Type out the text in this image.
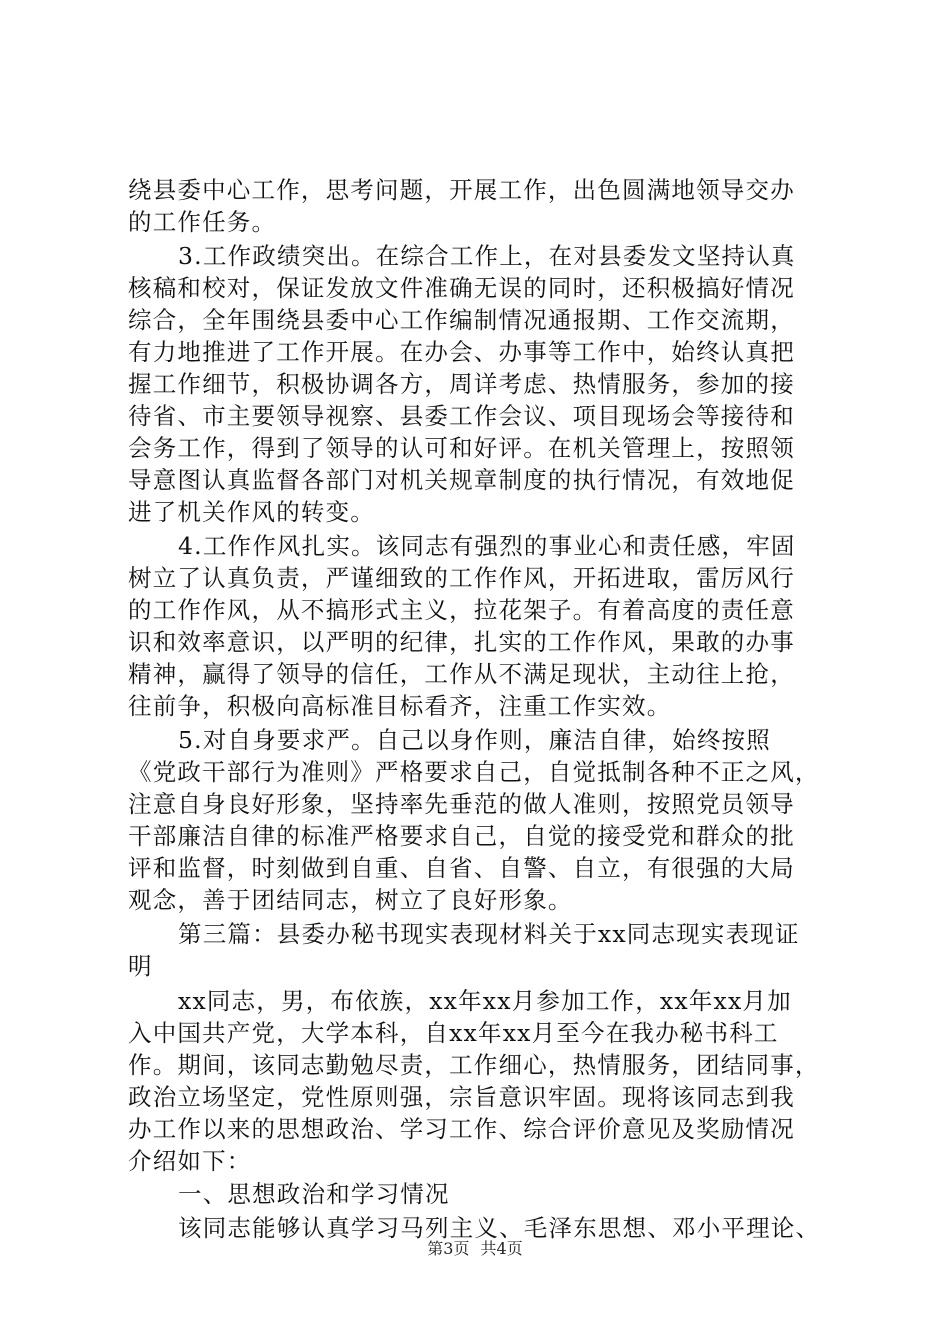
绕县委中心工作，思考问题，开展工作，出色圆满地领导交办
的工作任务。
3.工作政绩突出。在综合工作上，在对县委发文坚持认真
核稿和校对，保证发放文件准确无误的同时，还积极搞好情况
综合，全年围绕县委中心工作编制情况通报期、工作交流期，
有力地推进了工作开展。在办会、办事等工作中，始终认真把
握工作细节，积极协调各方，周详考虑、热情服务，参加的接
待省、市主要领导视察、县委工作会议、项目现场会等接待和
会务工作，得到了领导的认可和好评。在机关管理上，按照领
导意图认真监督各部门对机关规章制度的执行情况，有效地促
进了机关作风的转变。
4.工作作风扎实。该同志有强烈的事业心和责任感，牢固
树立了认真负责，严谨细致的工作作风，开拓进取，雷厉风行
的工作作风，从不搞形式主义，拉花架子。有着高度的责任意
识和效率意识，以严明的纪律，扎实的工作作风，果敢的办事
精神，赢得了领导的信任，工作从不满足现状，主动往上抢，
往前争，积极向高标准目标看齐，注重工作实效。
5.对自身要求严。自己以身作则，廉洁自律，始终按照
《党政干部行为准则》严格要求自己，自觉抵制各种不正之风，
注意自身良好形象，坚持率先垂范的做人准则，按照党员领导
干部廉洁自律的标准严格要求自己，自觉的接受党和群众的批
评和监督，时刻做到自重、自省、自警、自立，有很强的大局
观念，善于团结同志，树立了良好形象。
第三篇：县委办秘书现实表现材料关于xx同志现实表现证
明
xx同志，男，布依族，xx年xx月参加工作，xx年xx月加
入中国共产党，大学本科，自xx年xx月至今在我办秘书科工
作。期间，该同志勤勉尽责，工作细心，热情服务，团结同事，
政治立场坚定，党性原则强，宗旨意识牢固。现将该同志到我
办工作以来的思想政治、学习工作、综合评价意见及奖励情况
介绍如下：
一、思想政治和学习情况
该同志能够认真学习马列主义、毛泽东思想、邓小平理论、
第3页 共4页
